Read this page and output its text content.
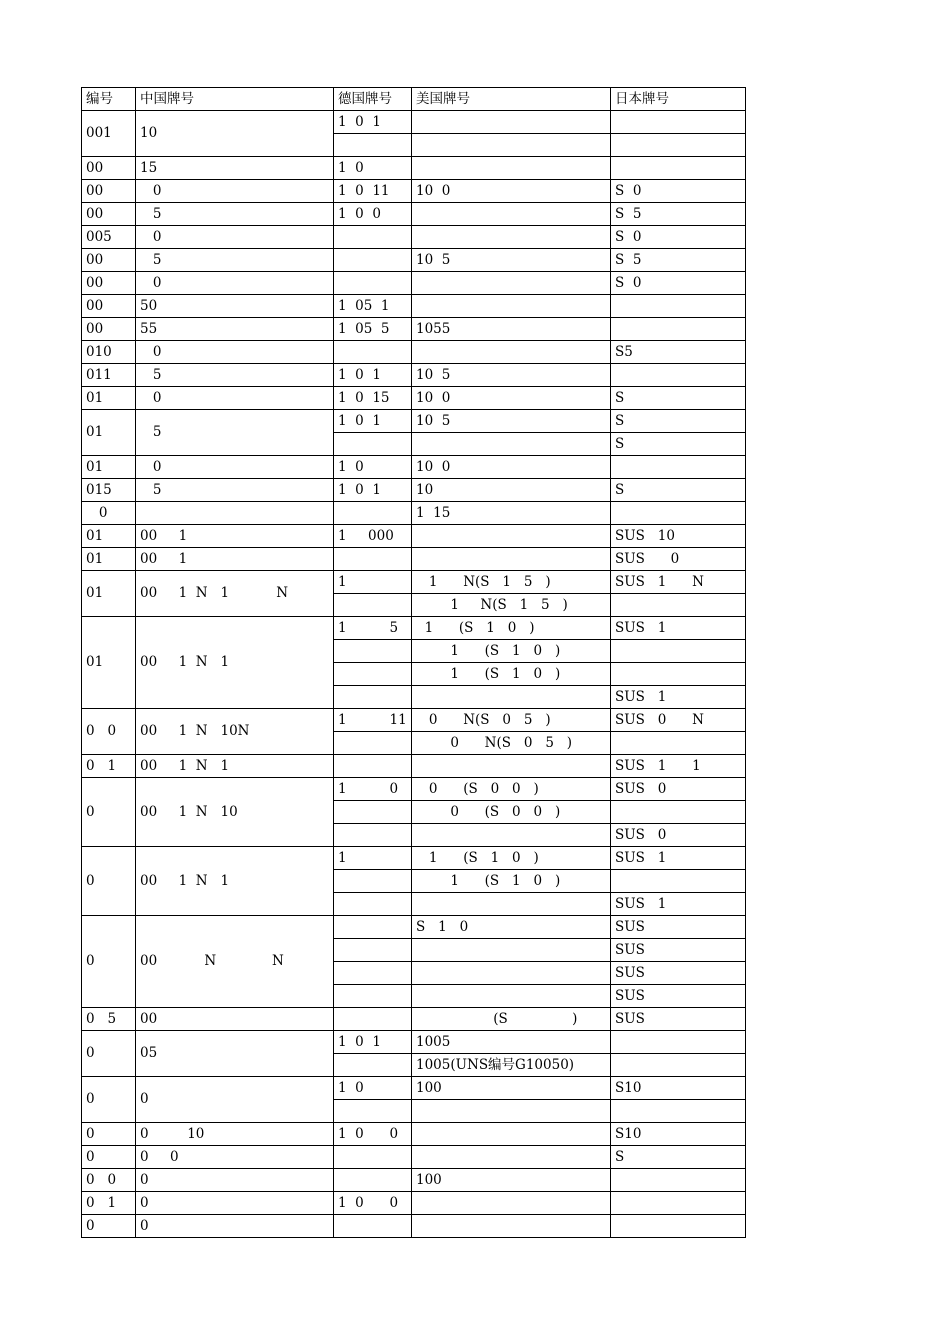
编号	中国牌号	德国牌号	美国牌号	日本牌号
001	10	1  0  1		

00	15	1  0		
00	0	1  0  11	10  0	S  0
00	5	1  0  0		S  5
005	0			S  0
00	5		10  5	S  5
00	0			S  0
00	50	1  05  1		
00	55	1  05  5	1055	
010	0			S5
011	5	1  0  1	10  5	
01	0	1  0  15	10  0	S
01	5	1  0  1	10  5	S
				S
01	0	1  0	10  0	
015	5	1  0  1	10	S
0			1  15	
01	00     1	1     000		SUS   10
01	00     1			SUS      0
01	00     1  N   1           N	1	1      N(S   1   5   )	SUS   1      N
			1     N(S   1   5   )	
01	00     1  N   1	1          5	1      (S   1   0   )	SUS   1
			1      (S   1   0   )	
			1      (S   1   0   )	
				SUS   1
0   0	00     1  N   10N	1          11	0      N(S   0   5   )	SUS   0      N
			0      N(S   0   5   )	
0   1	00     1  N   1			SUS   1      1
0	00     1  N   10	1          0	0      (S   0   0   )	SUS   0
			0      (S   0   0   )	
				SUS   0
0	00     1  N   1	1	1      (S   1   0   )	SUS   1
			1      (S   1   0   )	
				SUS   1
0	00           N             N		S   1   0	SUS
				SUS
				SUS
				SUS
0   5	00		(S               )	SUS
0	05	1  0  1	1005	
			1005(UNS编号G10050)	
0	0	1  0	100	S10

0	0         10	1  0      0		S10
0	0     0			S
0   0	0		100	
0   1	0	1  0      0		
0	0			
